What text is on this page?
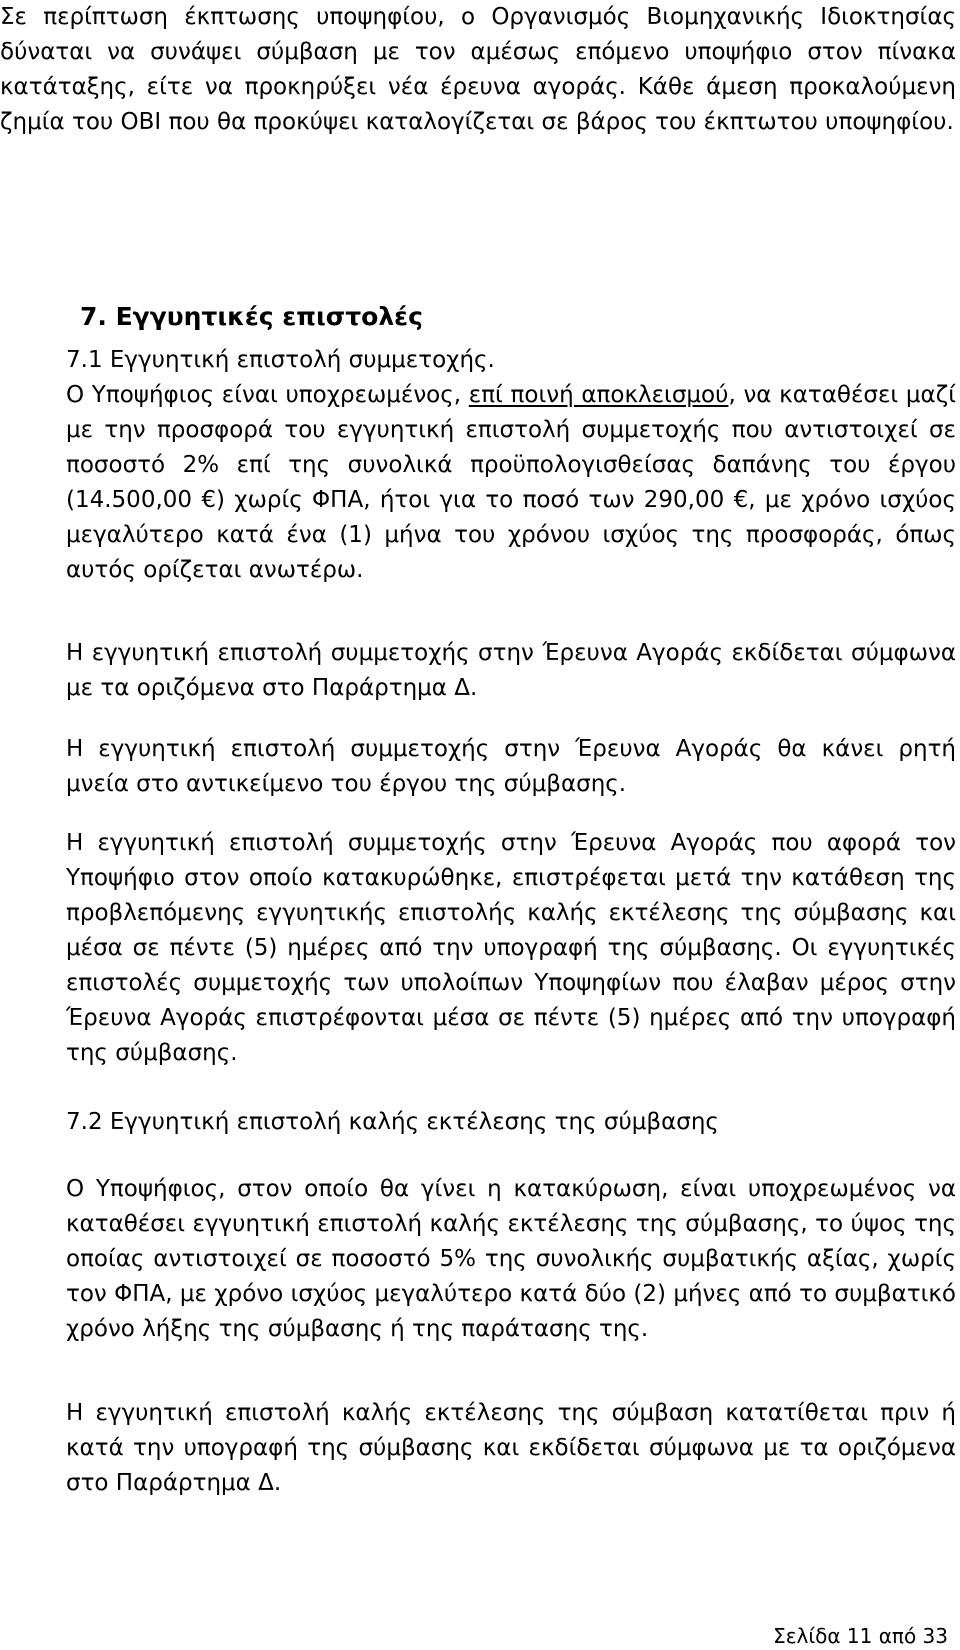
Σε περίπτωση έκπτωσης υποψηφίου, ο Οργανισμός Βιομηχανικής Ιδιοκτησίας δύναται να συνάψει σύμβαση με τον αμέσως επόμενο υποψήφιο στον πίνακα κατάταξης, είτε να προκηρύξει νέα έρευνα αγοράς. Κάθε άμεση προκαλούμενη ζημία του ΟΒΙ που θα προκύψει καταλογίζεται σε βάρος του έκπτωτου υποψηφίου.

7. Εγγυητικές επιστολές

7.1 Εγγυητική επιστολή συμμετοχής.

Ο Υποψήφιος είναι υποχρεωμένος, επί ποινή αποκλεισμού, να καταθέσει μαζί με την προσφορά του εγγυητική επιστολή συμμετοχής που αντιστοιχεί σε ποσοστό 2% επί της συνολικά προϋπολογισθείσας δαπάνης του έργου (14.500,00 €) χωρίς ΦΠΑ, ήτοι για το ποσό των 290,00 €, με χρόνο ισχύος μεγαλύτερο κατά ένα (1) μήνα του χρόνου ισχύος της προσφοράς, όπως αυτός ορίζεται ανωτέρω.

Η εγγυητική επιστολή συμμετοχής στην Έρευνα Αγοράς εκδίδεται σύμφωνα με τα οριζόμενα στο Παράρτημα Δ.

Η εγγυητική επιστολή συμμετοχής στην Έρευνα Αγοράς θα κάνει ρητή μνεία στο αντικείμενο του έργου της σύμβασης.

Η εγγυητική επιστολή συμμετοχής στην Έρευνα Αγοράς που αφορά τον Υποψήφιο στον οποίο κατακυρώθηκε, επιστρέφεται μετά την κατάθεση της προβλεπόμενης εγγυητικής επιστολής καλής εκτέλεσης της σύμβασης και μέσα σε πέντε (5) ημέρες από την υπογραφή της σύμβασης. Οι εγγυητικές επιστολές συμμετοχής των υπολοίπων Υποψηφίων που έλαβαν μέρος στην Έρευνα Αγοράς επιστρέφονται μέσα σε πέντε (5) ημέρες από την υπογραφή της σύμβασης.

7.2 Εγγυητική επιστολή καλής εκτέλεσης της σύμβασης

Ο Υποψήφιος, στον οποίο θα γίνει η κατακύρωση, είναι υποχρεωμένος να καταθέσει εγγυητική επιστολή καλής εκτέλεσης της σύμβασης, το ύψος της οποίας αντιστοιχεί σε ποσοστό 5% της συνολικής συμβατικής αξίας, χωρίς τον ΦΠΑ, με χρόνο ισχύος μεγαλύτερο κατά δύο (2) μήνες από το συμβατικό χρόνο λήξης της σύμβασης ή της παράτασης της.

Η εγγυητική επιστολή καλής εκτέλεσης της σύμβαση κατατίθεται πριν ή κατά την υπογραφή της σύμβασης και εκδίδεται σύμφωνα με τα οριζόμενα στο Παράρτημα Δ.

Σελίδα 11 από 33
